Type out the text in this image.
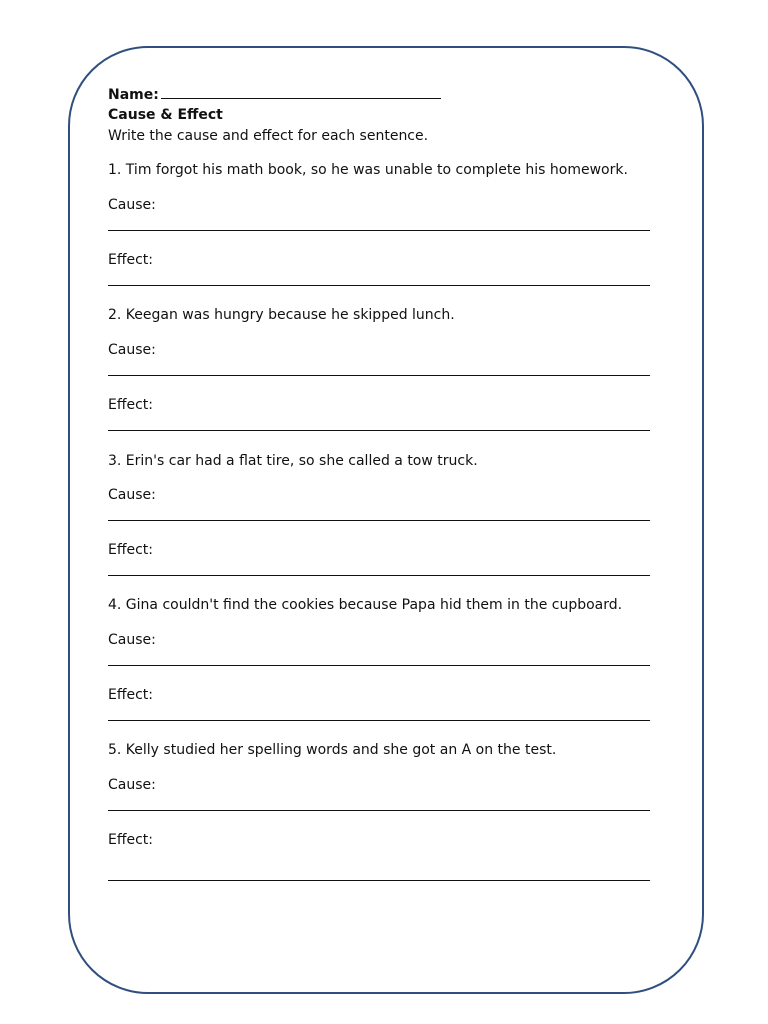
Name:
Cause & Effect
Write the cause and effect for each sentence.
1. Tim forgot his math book, so he was unable to complete his homework.
Cause:
Effect:
2. Keegan was hungry because he skipped lunch.
Cause:
Effect:
3. Erin's car had a flat tire, so she called a tow truck.
Cause:
Effect:
4. Gina couldn't find the cookies because Papa hid them in the cupboard.
Cause:
Effect:
5. Kelly studied her spelling words and she got an A on the test.
Cause:
Effect:
